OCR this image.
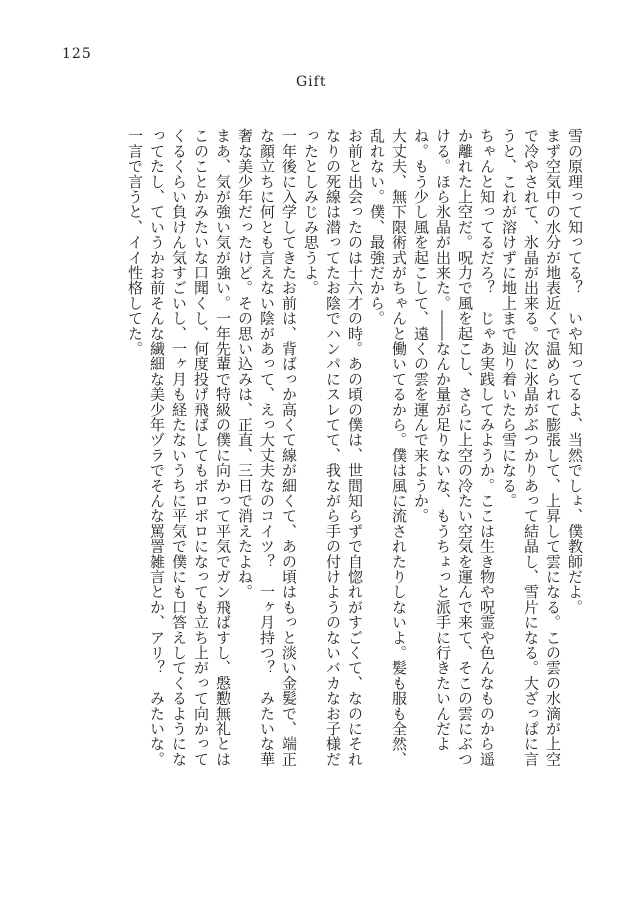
125
Gift

雪の原理って知ってる？　いや知ってるよ、当然でしょ、僕教師だよ。

まず空気中の水分が地表近くで温められて膨張して、上昇して雲になる。この雲の水滴が上空で冷やされて、氷晶が出来る。次に氷晶がぶつかりあって結晶し、雪片になる。大ざっぱに言うと、これが溶けずに地上まで辿り着いたら雪になる。

ちゃんと知ってるだろ？　じゃあ実践してみようか。ここは生き物や呪霊や色んなものから遥か離れた上空だ。呪力で風を起こし、さらに上空の冷たい空気を運んで来て、そこの雲にぶつける。ほら氷晶が出来た。――なんか量が足りないな、もうちょっと派手に行きたいんだよね。もう少し風を起こして、遠くの雲を運んで来ようか。

大丈夫、無下限術式がちゃんと働いてるから。僕は風に流されたりしないよ。髪も服も全然、乱れない。僕、最強だから。

お前と出会ったのは十六才の時。あの頃の僕は、世間知らずで自惚れがすごくて、なのにそれなりの死線は潜ってたお陰でハンパにスレてて、我ながら手の付けようのないバカなお子様だったとしみじみ思うよ。

一年後に入学してきたお前は、背ばっか高くて線が細くて、あの頃はもっと淡い金髪で、端正な顔立ちに何とも言えない陰があって、えっ大丈夫なのコイツ？　一ヶ月持つ？　みたいな華奢な美少年だったけど。その思い込みは、正直、三日で消えたよね。

まあ、気が強い気が強い。一年先輩で特級の僕に向かって平気でガン飛ばすし、慇懃無礼とはこのことかみたいな口聞くし、何度投げ飛ばしてもボロボロになっても立ち上がって向かってくるくらい負けん気すごいし、一ヶ月も経たないうちに平気で僕にも口答えしてくるようになってたし、ていうかお前そんな繊細な美少年ヅラでそんな罵詈雑言とか、アリ？　みたいな。一言で言うと、イイ性格してた。
